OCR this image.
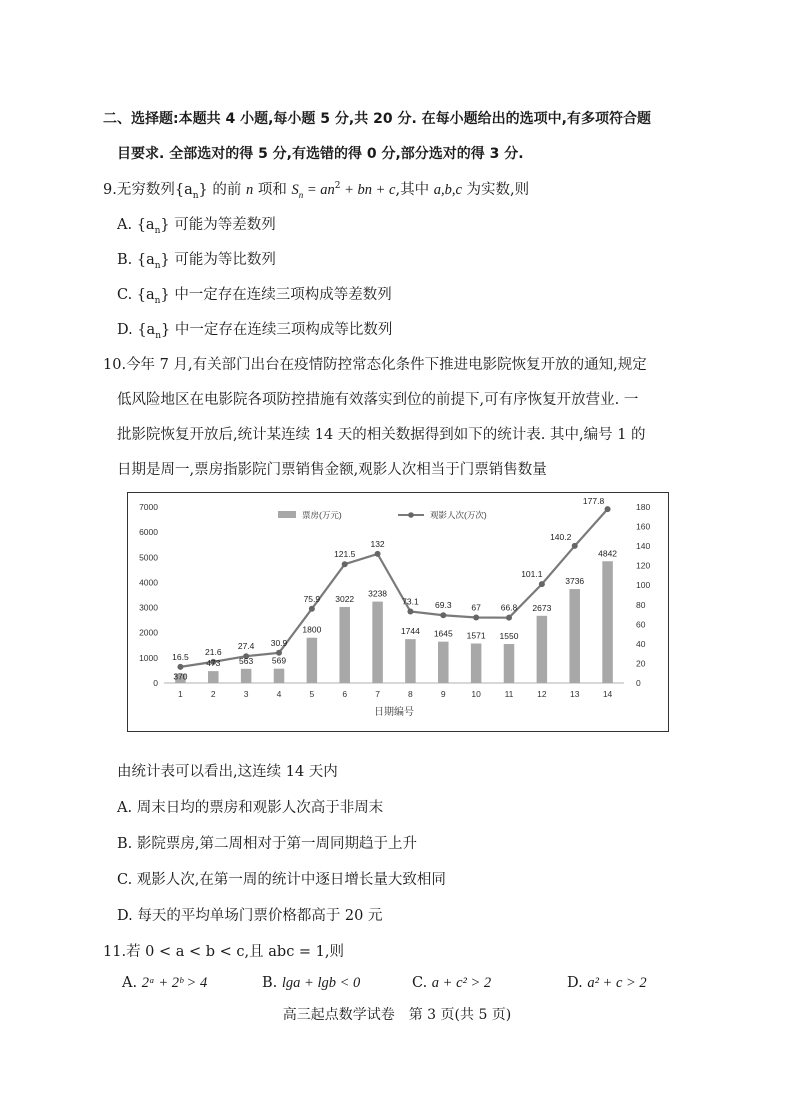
二、选择题:本题共 4 小题,每小题 5 分,共 20 分. 在每小题给出的选项中,有多项符合题
目要求. 全部选对的得 5 分,有选错的得 0 分,部分选对的得 3 分.
9.无穷数列$\{a_n\}$ 的前 n 项和 $S_n = an^2$ + bn + c,其中 a,b,c 为实数,则
A. $\{a_n\}$ 可能为等差数列
B. $\{a_n\}$ 可能为等比数列
C. $\{a_n\}$ 中一定存在连续三项构成等差数列
D. $\{a_n\}$ 中一定存在连续三项构成等比数列
10.今年 7 月,有关部门出台在疫情防控常态化条件下推进电影院恢复开放的通知,规定
低风险地区在电影院各项防控措施有效落实到位的前提下,可有序恢复开放营业. 一
批影院恢复开放后,统计某连续 14 天的相关数据得到如下的统计表. 其中,编号 1 的
日期是周一,票房指影院门票销售金额,观影人次相当于门票销售数量
0
1000
2000
3000
4000
5000
6000
7000
0
20
40
60
80
100
120
140
160
180
1	2	3	4	5	6	7	8	9	10	11	12	13	14
日期编号
370
473 563 569
1800
3022
3238
1744 1645 1571 1550
2673
3736
4842
16.5 21.6
27.4 30.9
75.9
121.5
132
73.1 69.3 67 66.8
101.1
140.2
177.8
票房(万元)	观影人次(万次)
由统计表可以看出,这连续 14 天内
A. 周末日均的票房和观影人次高于非周末
B. 影院票房,第二周相对于第一周同期趋于上升
C. 观影人次,在第一周的统计中逐日增长量大致相同
D. 每天的平均单场门票价格都高于 20 元
11.若 0 < a < b < c,且 abc = 1,则
A. 2ᵃ + 2ᵇ > 4	B. lga + lgb < 0	C. a + c² > 2	D. a² + c > 2
高三起点数学试卷　第 3 页(共 5 页)
